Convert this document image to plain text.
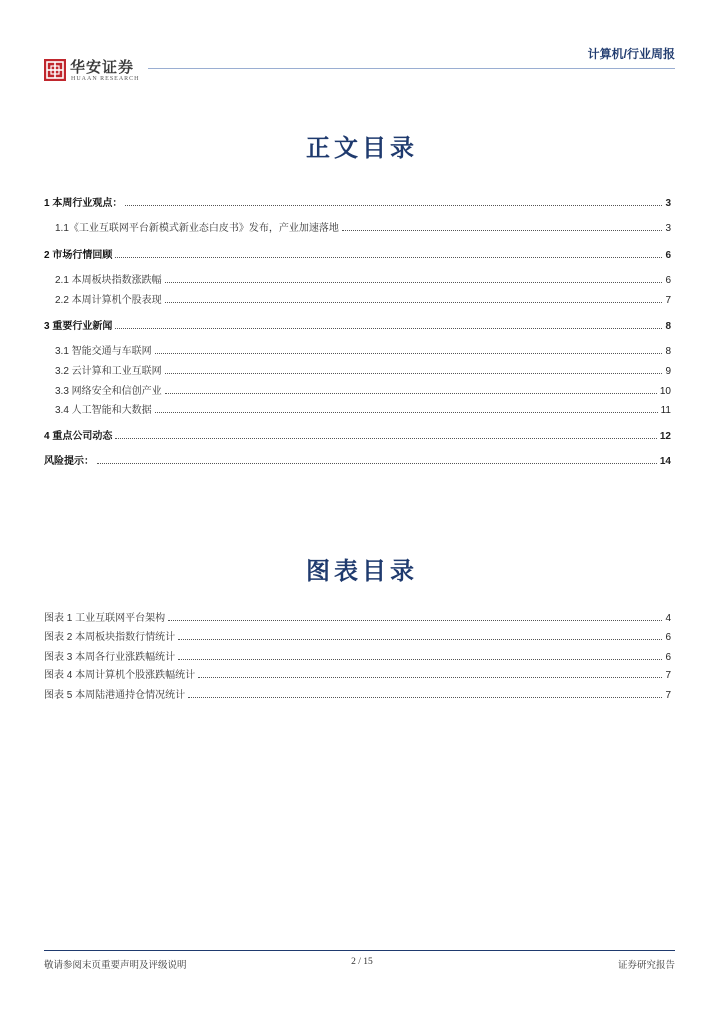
华安证券
HUAAN RESEARCH
计算机/行业周报
正文目录
1 本周行业观点：	3
1.1《工业互联网平台新模式新业态白皮书》发布，产业加速落地	3
2 市场行情回顾	6
2.1 本周板块指数涨跌幅	6
2.2 本周计算机个股表现	7
3 重要行业新闻	8
3.1 智能交通与车联网	8
3.2 云计算和工业互联网	9
3.3 网络安全和信创产业	10
3.4 人工智能和大数据	11
4 重点公司动态	12
风险提示：	14
图表目录
图表 1 工业互联网平台架构	4
图表 2 本周板块指数行情统计	6
图表 3 本周各行业涨跌幅统计	6
图表 4 本周计算机个股涨跌幅统计	7
图表 5 本周陆港通持仓情况统计	7
敬请参阅末页重要声明及评级说明	2 / 15	证券研究报告
